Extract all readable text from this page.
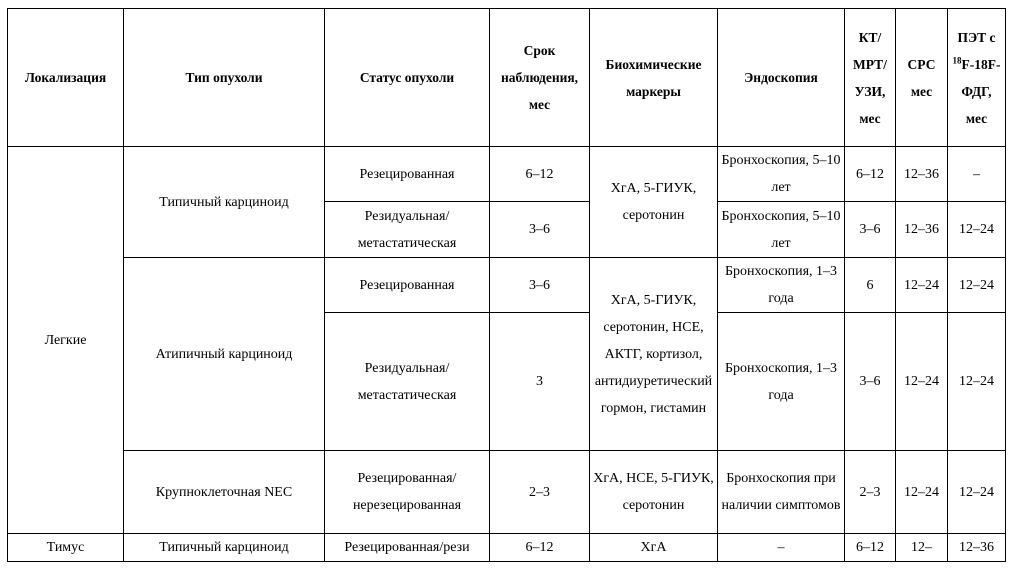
Локализация	Тип опухоли	Статус опухоли	Срок наблюдения, мес	Биохимические маркеры	Эндоскопия	КТ/МРТ/УЗИ, мес	СРС мес	ПЭТ с $^{18}$F-18F-ФДГ, мес
Легкие	Типичный карциноид	Резецированная	6–12	ХгА, 5-ГИУК, серотонин	Бронхоскопия, 5–10 лет	6–12	12–36	–
		Резидуальная/метастатическая	3–6		Бронхоскопия, 5–10 лет	3–6	12–36	12–24
	Атипичный карциноид	Резецированная	3–6	ХгА, 5-ГИУК, серотонин, НСЕ, АКТГ, кортизол, антидиуретический гормон, гистамин	Бронхоскопия, 1–3 года	6	12–24	12–24
		Резидуальная/метастатическая	3		Бронхоскопия, 1–3 года	3–6	12–24	12–24
	Крупноклеточная NEC	Резецированная/нерезецированная	2–3	ХгА, НСЕ, 5-ГИУК, серотонин	Бронхоскопия при наличии симптомов	2–3	12–24	12–24
Тимус	Типичный карциноид	Резецированная/рези	6–12	ХгА	–	6–12	12–	12–36
